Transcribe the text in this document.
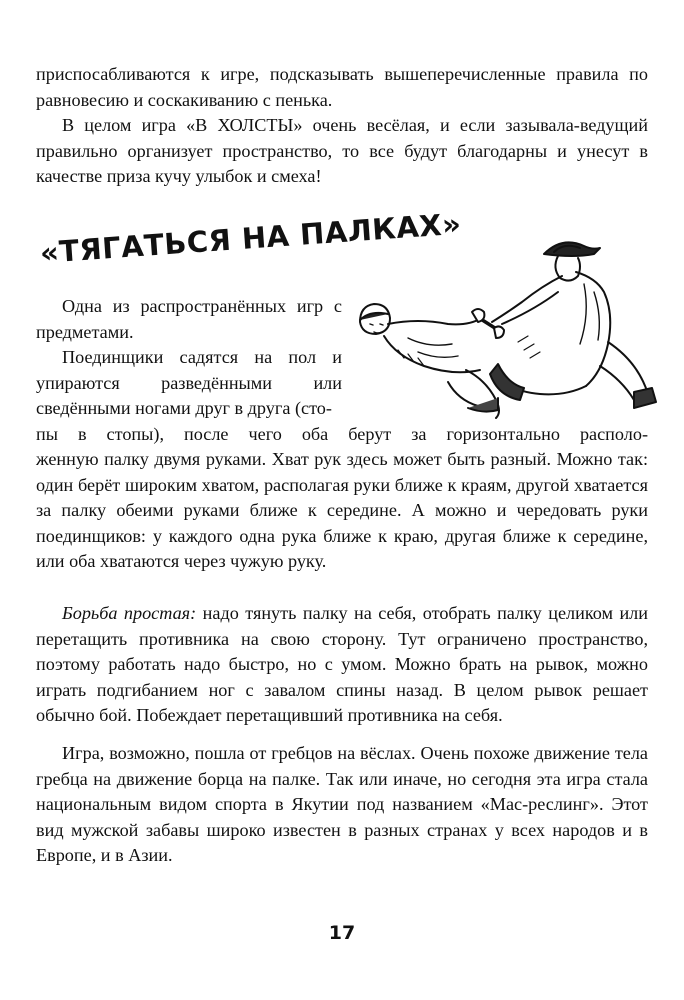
приспосабливаются к игре, подсказывать вышеперечисленные правила по равновесию и соскакиванию с пенька.

В целом игра «В ХОЛСТЫ» очень весёлая, и если зазывала-ведущий правильно организует пространство, то все будут благодарны и унесут в качестве приза кучу улыбок и смеха!

«ТЯГАТЬСЯ НА ПАЛКАХ»

Одна из распространённых игр с предметами.

Поединщики садятся на пол и упираются разведёнными или сведёнными ногами друг в друга (сто-

пы в стопы), после чего оба берут за горизонтально располо-

женную палку двумя руками. Хват рук здесь может быть разный. Можно так: один берёт широким хватом, располагая руки ближе к краям, другой хватается за палку обеими руками ближе к середине. А можно и чередовать руки поединщиков: у каждого одна рука ближе к краю, другая ближе к середине, или оба хватаются через чужую руку.

Борьба простая: надо тянуть палку на себя, отобрать палку целиком или перетащить противника на свою сторону. Тут ограничено пространство, поэтому работать надо быстро, но с умом. Можно брать на рывок, можно играть подгибанием ног с завалом спины назад. В целом рывок решает обычно бой. Побеждает перетащивший противника на себя.

Игра, возможно, пошла от гребцов на вёслах. Очень похоже движение тела гребца на движение борца на палке. Так или иначе, но сегодня эта игра стала национальным видом спорта в Якутии под названием «Мас-реслинг». Этот вид мужской забавы широко известен в разных странах у всех народов и в Европе, и в Азии.

17
